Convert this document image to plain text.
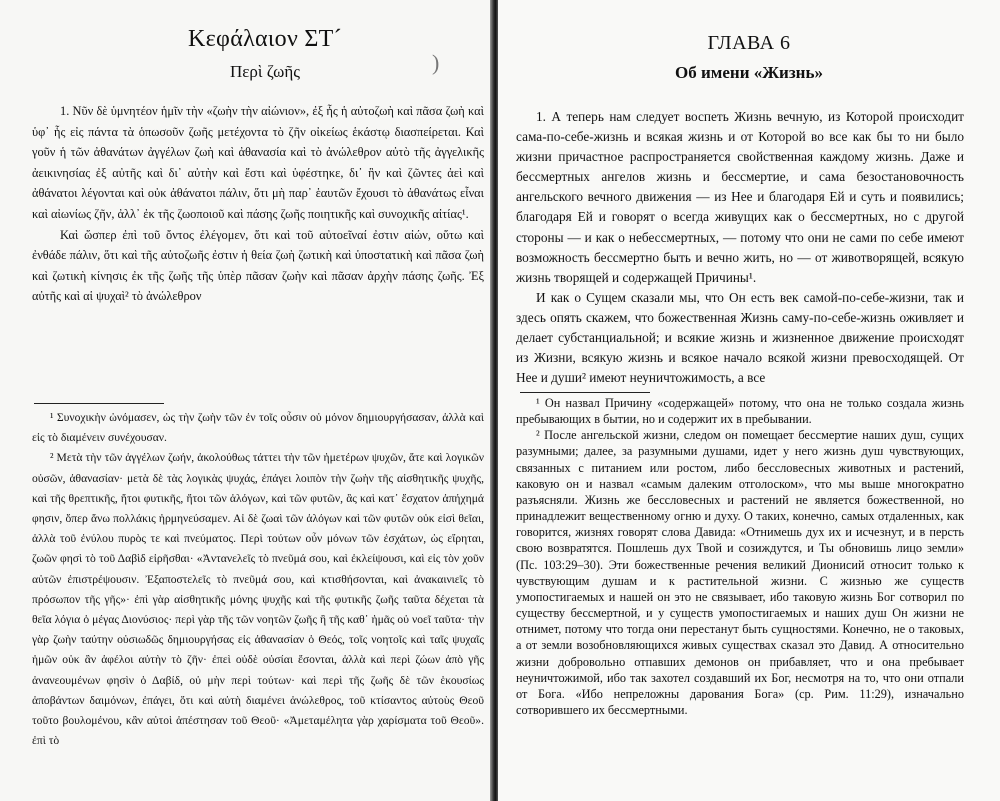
Κεφάλαιον ΣΤ´
Περὶ ζωῆς	)

1. Νῦν δὲ ὑμνητέον ἡμῖν τὴν «ζωὴν τὴν αἰώνιον», ἐξ ἧς ἡ αὐτοζωὴ καὶ πᾶσα ζωὴ καὶ ὑφ᾽ ἧς εἰς πάντα τὰ ὁπωσοῦν ζωῆς μετέχοντα τὸ ζῆν οἰκείως ἑκάστῳ διασπείρεται. Καὶ γοῦν ἡ τῶν ἀθανάτων ἀγγέλων ζωὴ καὶ ἀθανασία καὶ τὸ ἀνώλεθρον αὐτὸ τῆς ἀγγελικῆς ἀεικινησίας ἐξ αὐτῆς καὶ δι᾽ αὐτὴν καὶ ἔστι καὶ ὑφέστηκε, δι᾽ ἣν καὶ ζῶντες ἀεὶ καὶ ἀθάνατοι λέγονται καὶ οὐκ ἀθάνατοι πάλιν, ὅτι μὴ παρ᾽ ἑαυτῶν ἔχουσι τὸ ἀθανάτως εἶναι καὶ αἰωνίως ζῆν, ἀλλ᾽ ἐκ τῆς ζωοποιοῦ καὶ πάσης ζωῆς ποιητικῆς καὶ συνοχικῆς αἰτίας¹.

Καὶ ὥσπερ ἐπὶ τοῦ ὄντος ἐλέγομεν, ὅτι καὶ τοῦ αὐτοεῖναί ἐστιν αἰών, οὕτω καὶ ἐνθάδε πάλιν, ὅτι καὶ τῆς αὐτοζωῆς ἐστιν ἡ θεία ζωὴ ζωτικὴ καὶ ὑποστατικὴ καὶ πᾶσα ζωὴ καὶ ζωτικὴ κίνησις ἐκ τῆς ζωῆς τῆς ὑπὲρ πᾶσαν ζωὴν καὶ πᾶσαν ἀρχὴν πάσης ζωῆς. Ἐξ αὐτῆς καὶ αἱ ψυχαὶ² τὸ ἀνώλεθρον

¹ Συνοχικὴν ὠνόμασεν, ὡς τὴν ζωὴν τῶν ἐν τοῖς οὖσιν οὐ μόνον δημιουργήσασαν, ἀλλὰ καὶ εἰς τὸ διαμένειν συνέχουσαν.

² Μετὰ τὴν τῶν ἀγγέλων ζωήν, ἀκολούθως τάττει τὴν τῶν ἡμετέρων ψυχῶν, ἅτε καὶ λογικῶν οὐσῶν, ἀθανασίαν· μετὰ δὲ τὰς λογικὰς ψυχάς, ἐπάγει λοιπὸν τὴν ζωὴν τῆς αἰσθητικῆς ψυχῆς, καὶ τῆς θρεπτικῆς, ἤτοι φυτικῆς, ἤτοι τῶν ἀλόγων, καὶ τῶν φυτῶν, ἃς καὶ κατ᾽ ἔσχατον ἀπήχημά φησιν, ὅπερ ἄνω πολλάκις ἡρμηνεύσαμεν. Αἱ δὲ ζωαὶ τῶν ἀλόγων καὶ τῶν φυτῶν οὐκ εἰσὶ θεῖαι, ἀλλὰ τοῦ ἐνύλου πυρὸς τε καὶ πνεύματος. Περὶ τούτων οὖν μόνων τῶν ἐσχάτων, ὡς εἴρηται, ζωῶν φησὶ τὸ τοῦ Δαβὶδ εἰρῆσθαι· «Ἀντανελεῖς τὸ πνεῦμά σου, καὶ ἐκλείψουσι, καὶ εἰς τὸν χοῦν αὐτῶν ἐπιστρέψουσιν. Ἐξαποστελεῖς τὸ πνεῦμά σου, καὶ κτισθήσονται, καὶ ἀνακαινιεῖς τὸ πρόσωπον τῆς γῆς»· ἐπὶ γὰρ αἰσθητικῆς μόνης ψυχῆς καὶ τῆς φυτικῆς ζωῆς ταῦτα δέχεται τὰ θεῖα λόγια ὁ μέγας Διονύσιος· περὶ γὰρ τῆς τῶν νοητῶν ζωῆς ἣ τῆς καθ᾽ ἡμᾶς οὐ νοεῖ ταῦτα· τὴν γὰρ ζωὴν ταύτην οὐσιωδῶς δημιουργήσας εἰς ἀθανασίαν ὁ Θεός, τοῖς νοητοῖς καὶ ταῖς ψυχαῖς ἡμῶν οὐκ ἂν ἀφέλοι αὐτὴν τὸ ζῆν· ἐπεὶ οὐδὲ οὐσίαι ἔσονται, ἀλλὰ καὶ περὶ ζώων ἀπὸ γῆς ἀνανεουμένων φησὶν ὁ Δαβίδ, οὐ μὴν περὶ τούτων· καὶ περὶ τῆς ζωῆς δὲ τῶν ἑκουσίως ἀποβάντων δαιμόνων, ἐπάγει, ὅτι καὶ αὐτὴ διαμένει ἀνώλεθρος, τοῦ κτίσαντος αὐτοὺς Θεοῦ τοῦτο βουλομένου, κἂν αὐτοὶ ἀπέστησαν τοῦ Θεοῦ· «Ἀμεταμέλητα γὰρ χαρίσματα τοῦ Θεοῦ». ἐπὶ τὸ

ГЛАВА 6
Об имени «Жизнь»

1. А теперь нам следует воспеть Жизнь вечную, из Которой происходит сама-по-себе-жизнь и всякая жизнь и от Которой во все как бы то ни было жизни причастное распространяется свойственная каждому жизнь. Даже и бессмертных ангелов жизнь и бессмертие, и сама безостановочность ангельского вечного движения — из Нее и благодаря Ей и суть и появились; благодаря Ей и говорят о всегда живущих как о бессмертных, но с другой стороны — и как о небессмертных, — потому что они не сами по себе имеют возможность бессмертно быть и вечно жить, но — от животворящей, всякую жизнь творящей и содержащей Причины¹.

И как о Сущем сказали мы, что Он есть век самой-по-себе-жизни, так и здесь опять скажем, что божественная Жизнь саму-по-себе-жизнь оживляет и делает субстанциальной; и всякие жизнь и жизненное движение происходят из Жизни, всякую жизнь и всякое начало всякой жизни превосходящей. От Нее и души² имеют неуничтожимость, а все

¹ Он назвал Причину «содержащей» потому, что она не только создала жизнь пребывающих в бытии, но и содержит их в пребывании.

² После ангельской жизни, следом он помещает бессмертие наших душ, сущих разумными; далее, за разумными душами, идет у него жизнь душ чувствующих, связанных с питанием или ростом, либо бессловесных животных и растений, каковую он и назвал «самым далеким отголоском», что мы выше многократно разъясняли. Жизнь же бессловесных и растений не является божественной, но принадлежит вещественному огню и духу. О таких, конечно, самых отдаленных, как говорится, жизнях говорят слова Давида: «Отнимешь дух их и исчезнут, и в персть свою возвратятся. Пошлешь дух Твой и созиждутся, и Ты обновишь лицо земли» (Пс. 103:29–30). Эти божественные речения великий Дионисий относит только к чувствующим душам и к растительной жизни. С жизнью же существ умопостигаемых и нашей он это не связывает, ибо таковую жизнь Бог сотворил по существу бессмертной, и у существ умопостигаемых и наших душ Он жизни не отнимет, потому что тогда они перестанут быть сущностями. Конечно, не о таковых, а от земли возобновляющихся живых существах сказал это Давид. А относительно жизни добровольно отпавших демонов он прибавляет, что и она пребывает неуничтожимой, ибо так захотел создавший их Бог, несмотря на то, что они отпали от Бога. «Ибо непреложны дарования Бога» (ср. Рим. 11:29), изначально сотворившего их бессмертными.
